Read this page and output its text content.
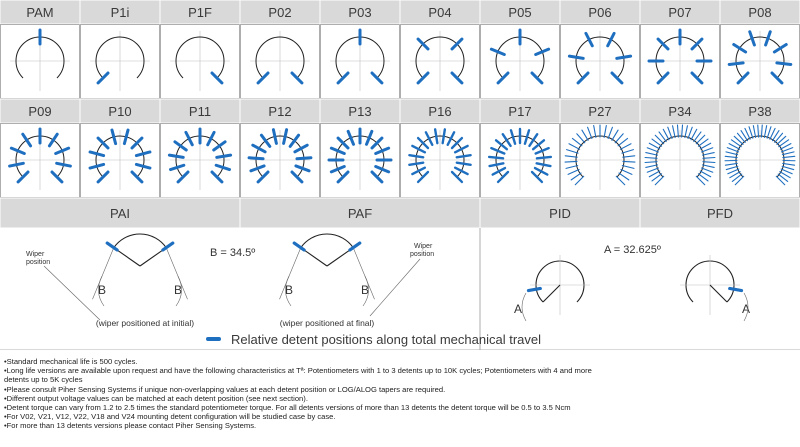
PAM	P1i	P1F	P02	P03	P04	P05	P06	P07	P08
P09	P10	P11	P12	P13	P16	P17	P27	P34	P38
PAI	PAF	PID	PFD
B	B
Wiper
position
(wiper positioned at initial)
B = 34.5º
B	B
Wiper
position
(wiper positioned at final)
A
A = 32.625º
A
Relative detent positions along total mechanical travel
•Standard mechanical life is 500 cycles.
•Long life versions are available upon request and have the following characteristics at Tª: Potentiometers with 1 to 3 detents up to 10K cycles; Potentiometers with 4 and more
detents up to 5K cycles
•Please consult Piher Sensing Systems if unique non-overlapping values at each detent position or LOG/ALOG tapers are required.
•Different output voltage values can be matched at each detent position (see next section).
•Detent torque can vary from 1.2 to 2.5 times the standard potentiometer torque. For all detents versions of more than 13 detents the detent torque will be 0.5 to 3.5 Ncm
•For V02, V21, V12, V22, V18 and V24 mounting detent configuration will be studied case by case.
•For more than 13 detents versions please contact Piher Sensing Systems.
